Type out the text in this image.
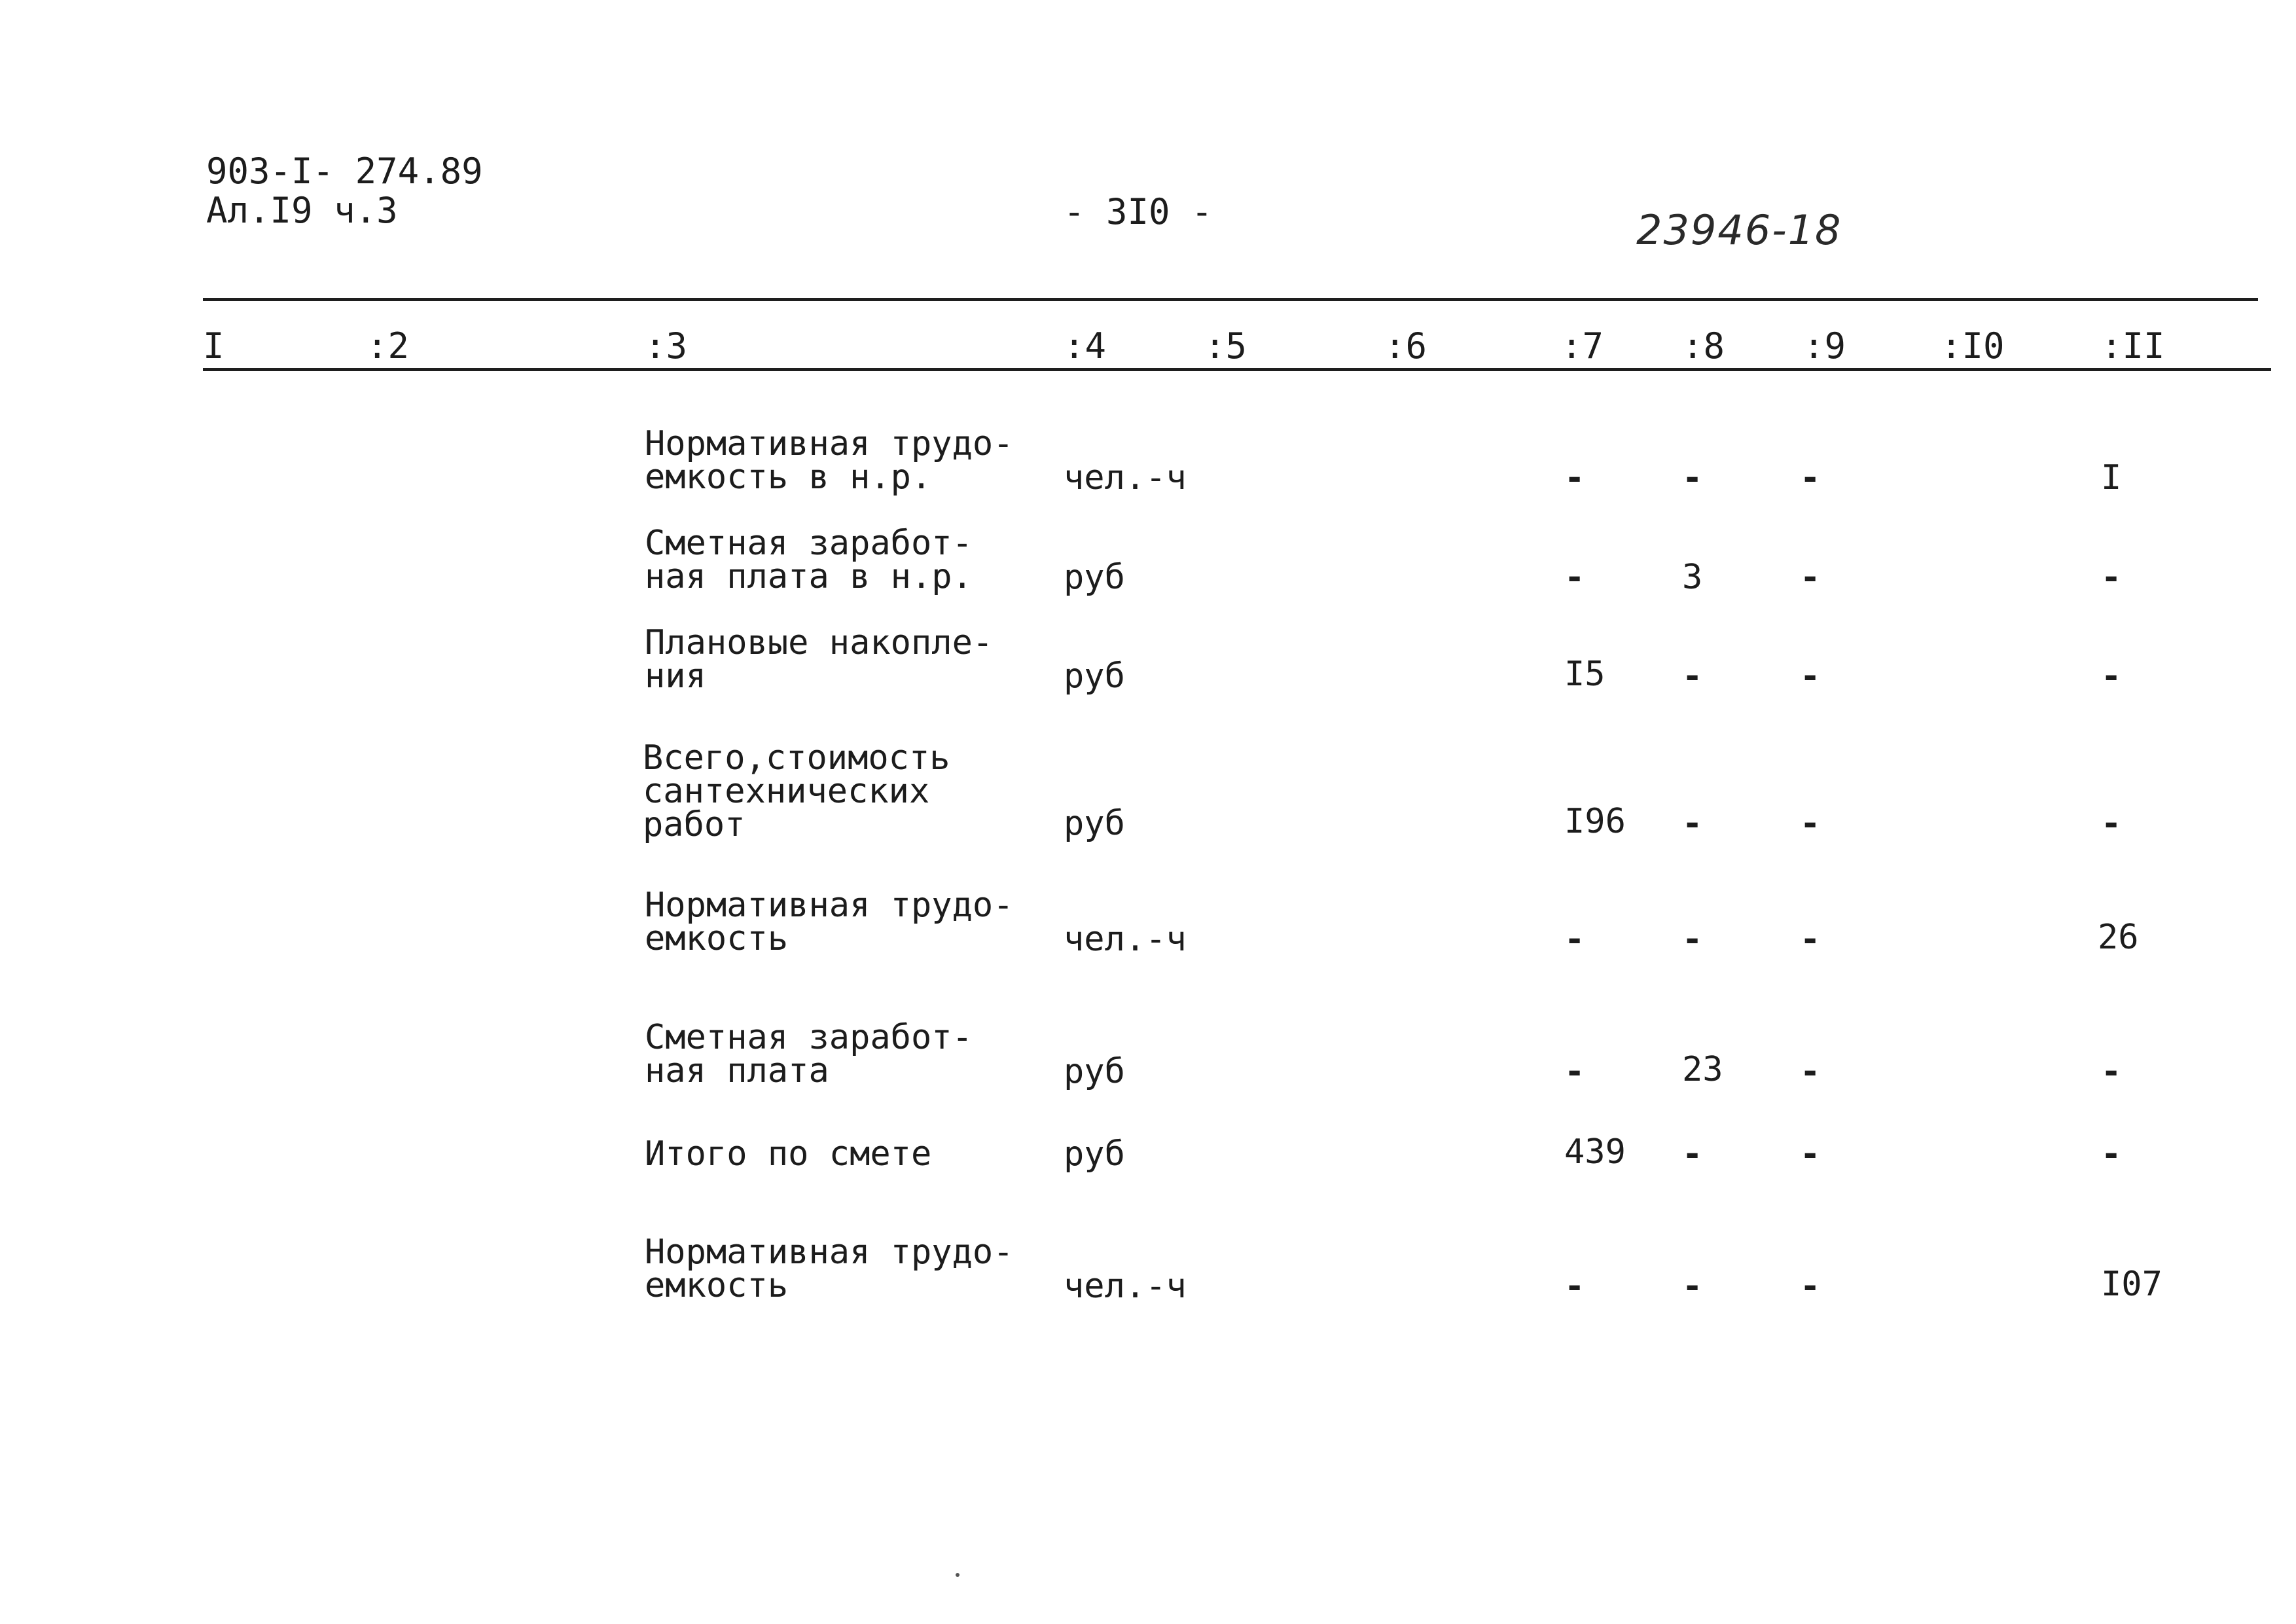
903-I- 274.89
Ал.I9 ч.3	- 3I0 -	23946-18
I	:2	:3	:4	:5	:6	:7 :8 :9	:I0	:II
Нормативная трудо-
емкость в н.р.	чел.-ч	-	-	-	I
Сметная заработ-
ная плата в н.р.	руб	-	3	-	-
Плановые накопле-
ния	руб	I5 -	-	-
Всего,стоимость
сантехнических
работ	руб	I96 -	-	-
Нормативная трудо-
емкость	чел.-ч	-	-	-	26
Сметная заработ-
ная плата	руб	-	23 -	-
Итого по смете	руб	439 -	-	-
Нормативная трудо-
емкость	чел.-ч	-	-	-	I07
